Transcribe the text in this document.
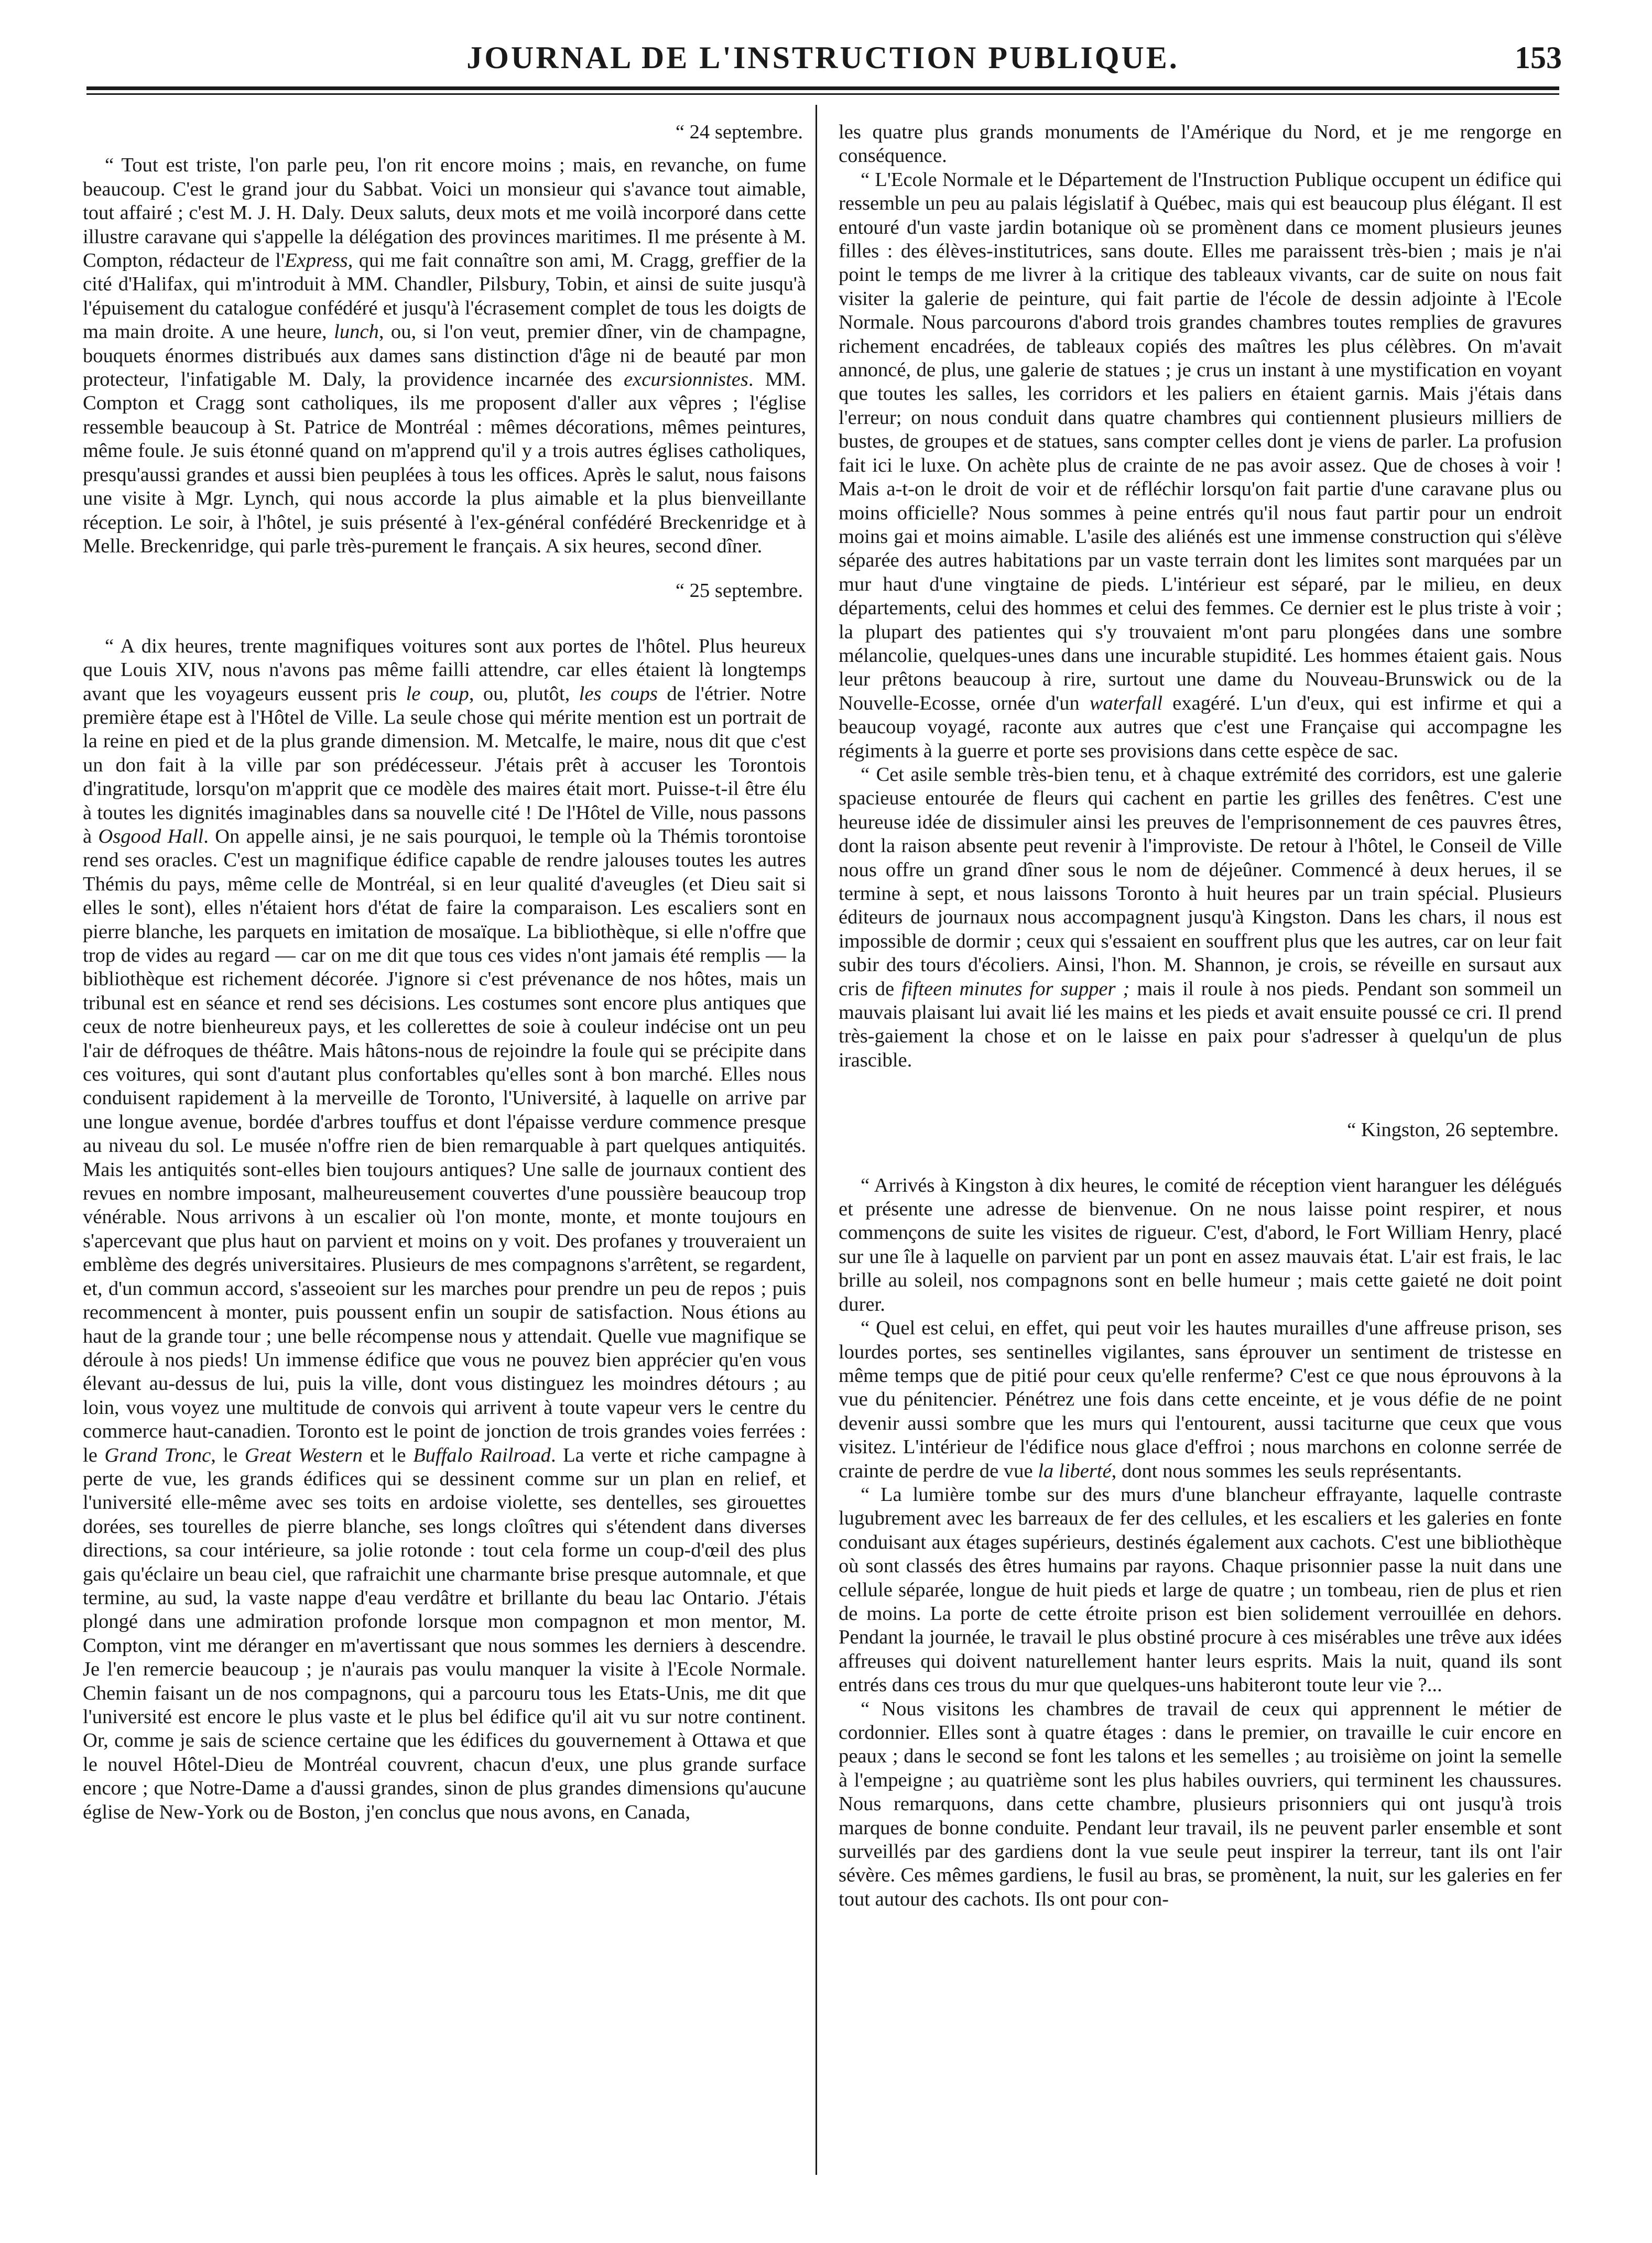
JOURNAL DE L'INSTRUCTION PUBLIQUE.	153
“ 24 septembre.

“ Tout est triste, l'on parle peu, l'on rit encore moins ; mais, en revanche, on fume beaucoup. C'est le grand jour du Sabbat. Voici un monsieur qui s'avance tout aimable, tout affairé ; c'est M. J. H. Daly. Deux saluts, deux mots et me voilà incorporé dans cette illustre caravane qui s'appelle la délégation des provinces maritimes. Il me présente à M. Compton, rédacteur de l'Express, qui me fait connaître son ami, M. Cragg, greffier de la cité d'Halifax, qui m'introduit à MM. Chandler, Pilsbury, Tobin, et ainsi de suite jusqu'à l'épuisement du catalogue confédéré et jusqu'à l'écrasement complet de tous les doigts de ma main droite. A une heure, lunch, ou, si l'on veut, premier dîner, vin de champagne, bouquets énormes distribués aux dames sans distinction d'âge ni de beauté par mon protecteur, l'infatigable M. Daly, la providence incarnée des excursionnistes. MM. Compton et Cragg sont catholiques, ils me proposent d'aller aux vêpres ; l'église ressemble beaucoup à St. Patrice de Montréal : mêmes décorations, mêmes peintures, même foule. Je suis étonné quand on m'apprend qu'il y a trois autres églises catholiques, presqu'aussi grandes et aussi bien peuplées à tous les offices. Après le salut, nous faisons une visite à Mgr. Lynch, qui nous accorde la plus aimable et la plus bienveillante réception. Le soir, à l'hôtel, je suis présenté à l'ex-général confédéré Breckenridge et à Melle. Breckenridge, qui parle très-purement le français. A six heures, second dîner.

“ 25 septembre.

“ A dix heures, trente magnifiques voitures sont aux portes de l'hôtel. Plus heureux que Louis XIV, nous n'avons pas même failli attendre, car elles étaient là longtemps avant que les voyageurs eussent pris le coup, ou, plutôt, les coups de l'étrier. Notre première étape est à l'Hôtel de Ville. La seule chose qui mérite mention est un portrait de la reine en pied et de la plus grande dimension. M. Metcalfe, le maire, nous dit que c'est un don fait à la ville par son prédécesseur. J'étais prêt à accuser les Torontois d'ingratitude, lorsqu'on m'apprit que ce modèle des maires était mort. Puisse-t-il être élu à toutes les dignités imaginables dans sa nouvelle cité ! De l'Hôtel de Ville, nous passons à Osgood Hall. On appelle ainsi, je ne sais pourquoi, le temple où la Thémis torontoise rend ses oracles. C'est un magnifique édifice capable de rendre jalouses toutes les autres Thémis du pays, même celle de Montréal, si en leur qualité d'aveugles (et Dieu sait si elles le sont), elles n'étaient hors d'état de faire la comparaison. Les escaliers sont en pierre blanche, les parquets en imitation de mosaïque. La bibliothèque, si elle n'offre que trop de vides au regard — car on me dit que tous ces vides n'ont jamais été remplis — la bibliothèque est richement décorée. J'ignore si c'est prévenance de nos hôtes, mais un tribunal est en séance et rend ses décisions. Les costumes sont encore plus antiques que ceux de notre bienheureux pays, et les collerettes de soie à couleur indécise ont un peu l'air de défroques de théâtre. Mais hâtons-nous de rejoindre la foule qui se précipite dans ces voitures, qui sont d'autant plus confortables qu'elles sont à bon marché. Elles nous conduisent rapidement à la merveille de Toronto, l'Université, à laquelle on arrive par une longue avenue, bordée d'arbres touffus et dont l'épaisse verdure commence presque au niveau du sol. Le musée n'offre rien de bien remarquable à part quelques antiquités. Mais les antiquités sont-elles bien toujours antiques? Une salle de journaux contient des revues en nombre imposant, malheureusement couvertes d'une poussière beaucoup trop vénérable. Nous arrivons à un escalier où l'on monte, monte, et monte toujours en s'apercevant que plus haut on parvient et moins on y voit. Des profanes y trouveraient un emblème des degrés universitaires. Plusieurs de mes compagnons s'arrêtent, se regardent, et, d'un commun accord, s'asseoient sur les marches pour prendre un peu de repos ; puis recommencent à monter, puis poussent enfin un soupir de satisfaction. Nous étions au haut de la grande tour ; une belle récompense nous y attendait. Quelle vue magnifique se déroule à nos pieds! Un immense édifice que vous ne pouvez bien apprécier qu'en vous élevant au-dessus de lui, puis la ville, dont vous distinguez les moindres détours ; au loin, vous voyez une multitude de convois qui arrivent à toute vapeur vers le centre du commerce haut-canadien. Toronto est le point de jonction de trois grandes voies ferrées : le Grand Tronc, le Great Western et le Buffalo Railroad. La verte et riche campagne à perte de vue, les grands édifices qui se dessinent comme sur un plan en relief, et l'université elle-même avec ses toits en ardoise violette, ses dentelles, ses girouettes dorées, ses tourelles de pierre blanche, ses longs cloîtres qui s'étendent dans diverses directions, sa cour intérieure, sa jolie rotonde : tout cela forme un coup-d'œil des plus gais qu'éclaire un beau ciel, que rafraichit une charmante brise presque automnale, et que termine, au sud, la vaste nappe d'eau verdâtre et brillante du beau lac Ontario. J'étais plongé dans une admiration profonde lorsque mon compagnon et mon mentor, M. Compton, vint me déranger en m'avertissant que nous sommes les derniers à descendre. Je l'en remercie beaucoup ; je n'aurais pas voulu manquer la visite à l'Ecole Normale. Chemin faisant un de nos compagnons, qui a parcouru tous les Etats-Unis, me dit que l'université est encore le plus vaste et le plus bel édifice qu'il ait vu sur notre continent. Or, comme je sais de science certaine que les édifices du gouvernement à Ottawa et que le nouvel Hôtel-Dieu de Montréal couvrent, chacun d'eux, une plus grande surface encore ; que Notre-Dame a d'aussi grandes, sinon de plus grandes dimensions qu'aucune église de New-York ou de Boston, j'en conclus que nous avons, en Canada,

les quatre plus grands monuments de l'Amérique du Nord, et je me rengorge en conséquence.

“ L'Ecole Normale et le Département de l'Instruction Publique occupent un édifice qui ressemble un peu au palais législatif à Québec, mais qui est beaucoup plus élégant. Il est entouré d'un vaste jardin botanique où se promènent dans ce moment plusieurs jeunes filles : des élèves-institutrices, sans doute. Elles me paraissent très-bien ; mais je n'ai point le temps de me livrer à la critique des tableaux vivants, car de suite on nous fait visiter la galerie de peinture, qui fait partie de l'école de dessin adjointe à l'Ecole Normale. Nous parcourons d'abord trois grandes chambres toutes remplies de gravures richement encadrées, de tableaux copiés des maîtres les plus célèbres. On m'avait annoncé, de plus, une galerie de statues ; je crus un instant à une mystification en voyant que toutes les salles, les corridors et les paliers en étaient garnis. Mais j'étais dans l'erreur; on nous conduit dans quatre chambres qui contiennent plusieurs milliers de bustes, de groupes et de statues, sans compter celles dont je viens de parler. La profusion fait ici le luxe. On achète plus de crainte de ne pas avoir assez. Que de choses à voir ! Mais a-t-on le droit de voir et de réfléchir lorsqu'on fait partie d'une caravane plus ou moins officielle? Nous sommes à peine entrés qu'il nous faut partir pour un endroit moins gai et moins aimable. L'asile des aliénés est une immense construction qui s'élève séparée des autres habitations par un vaste terrain dont les limites sont marquées par un mur haut d'une vingtaine de pieds. L'intérieur est séparé, par le milieu, en deux départements, celui des hommes et celui des femmes. Ce dernier est le plus triste à voir ; la plupart des patientes qui s'y trouvaient m'ont paru plongées dans une sombre mélancolie, quelques-unes dans une incurable stupidité. Les hommes étaient gais. Nous leur prêtons beaucoup à rire, surtout une dame du Nouveau-Brunswick ou de la Nouvelle-Ecosse, ornée d'un waterfall exagéré. L'un d'eux, qui est infirme et qui a beaucoup voyagé, raconte aux autres que c'est une Française qui accompagne les régiments à la guerre et porte ses provisions dans cette espèce de sac.

“ Cet asile semble très-bien tenu, et à chaque extrémité des corridors, est une galerie spacieuse entourée de fleurs qui cachent en partie les grilles des fenêtres. C'est une heureuse idée de dissimuler ainsi les preuves de l'emprisonnement de ces pauvres êtres, dont la raison absente peut revenir à l'improviste. De retour à l'hôtel, le Conseil de Ville nous offre un grand dîner sous le nom de déjeûner. Commencé à deux herues, il se termine à sept, et nous laissons Toronto à huit heures par un train spécial. Plusieurs éditeurs de journaux nous accompagnent jusqu'à Kingston. Dans les chars, il nous est impossible de dormir ; ceux qui s'essaient en souffrent plus que les autres, car on leur fait subir des tours d'écoliers. Ainsi, l'hon. M. Shannon, je crois, se réveille en sursaut aux cris de fifteen minutes for supper ; mais il roule à nos pieds. Pendant son sommeil un mauvais plaisant lui avait lié les mains et les pieds et avait ensuite poussé ce cri. Il prend très-gaiement la chose et on le laisse en paix pour s'adresser à quelqu'un de plus irascible.

“ Kingston, 26 septembre.

“ Arrivés à Kingston à dix heures, le comité de réception vient haranguer les délégués et présente une adresse de bienvenue. On ne nous laisse point respirer, et nous commençons de suite les visites de rigueur. C'est, d'abord, le Fort William Henry, placé sur une île à laquelle on parvient par un pont en assez mauvais état. L'air est frais, le lac brille au soleil, nos compagnons sont en belle humeur ; mais cette gaieté ne doit point durer.

“ Quel est celui, en effet, qui peut voir les hautes murailles d'une affreuse prison, ses lourdes portes, ses sentinelles vigilantes, sans éprouver un sentiment de tristesse en même temps que de pitié pour ceux qu'elle renferme? C'est ce que nous éprouvons à la vue du pénitencier. Pénétrez une fois dans cette enceinte, et je vous défie de ne point devenir aussi sombre que les murs qui l'entourent, aussi taciturne que ceux que vous visitez. L'intérieur de l'édifice nous glace d'effroi ; nous marchons en colonne serrée de crainte de perdre de vue la liberté, dont nous sommes les seuls représentants.

“ La lumière tombe sur des murs d'une blancheur effrayante, laquelle contraste lugubrement avec les barreaux de fer des cellules, et les escaliers et les galeries en fonte conduisant aux étages supérieurs, destinés également aux cachots. C'est une bibliothèque où sont classés des êtres humains par rayons. Chaque prisonnier passe la nuit dans une cellule séparée, longue de huit pieds et large de quatre ; un tombeau, rien de plus et rien de moins. La porte de cette étroite prison est bien solidement verrouillée en dehors. Pendant la journée, le travail le plus obstiné procure à ces misérables une trêve aux idées affreuses qui doivent naturellement hanter leurs esprits. Mais la nuit, quand ils sont entrés dans ces trous du mur que quelques-uns habiteront toute leur vie ?...

“ Nous visitons les chambres de travail de ceux qui apprennent le métier de cordonnier. Elles sont à quatre étages : dans le premier, on travaille le cuir encore en peaux ; dans le second se font les talons et les semelles ; au troisième on joint la semelle à l'empeigne ; au quatrième sont les plus habiles ouvriers, qui terminent les chaussures. Nous remarquons, dans cette chambre, plusieurs prisonniers qui ont jusqu'à trois marques de bonne conduite. Pendant leur travail, ils ne peuvent parler ensemble et sont surveillés par des gardiens dont la vue seule peut inspirer la terreur, tant ils ont l'air sévère. Ces mêmes gardiens, le fusil au bras, se promènent, la nuit, sur les galeries en fer tout autour des cachots. Ils ont pour con-
